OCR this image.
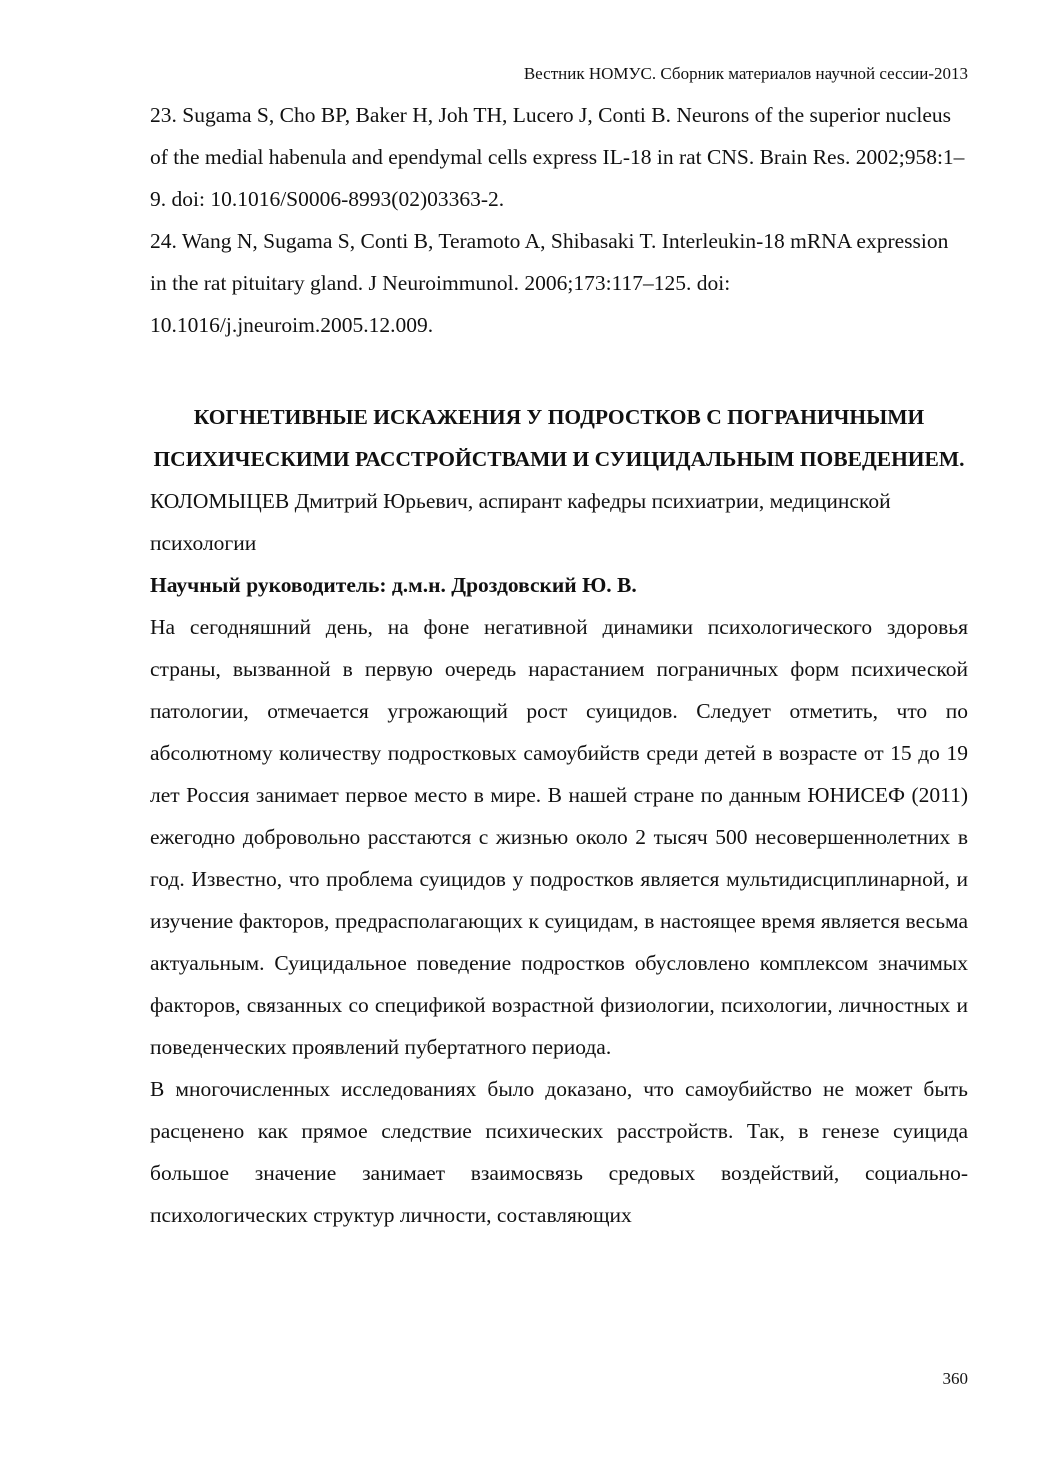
Вестник НОМУС. Сборник материалов научной сессии-2013

23. Sugama S, Cho BP, Baker H, Joh TH, Lucero J, Conti B. Neurons of the superior nucleus of the medial habenula and ependymal cells express IL-18 in rat CNS. Brain Res. 2002;958:1–9. doi: 10.1016/S0006-8993(02)03363-2.

24. Wang N, Sugama S, Conti B, Teramoto A, Shibasaki T. Interleukin-18 mRNA expression in the rat pituitary gland. J Neuroimmunol. 2006;173:117–125. doi: 10.1016/j.jneuroim.2005.12.009.

КОГНЕТИВНЫЕ ИСКАЖЕНИЯ У ПОДРОСТКОВ С ПОГРАНИЧНЫМИ ПСИХИЧЕСКИМИ РАССТРОЙСТВАМИ И СУИЦИДАЛЬНЫМ ПОВЕДЕНИЕМ.

КОЛОМЫЦЕВ Дмитрий Юрьевич, аспирант кафедры психиатрии, медицинской психологии

Научный руководитель: д.м.н. Дроздовский Ю. В.

На сегодняшний день, на фоне негативной динамики психологического здоровья страны, вызванной в первую очередь нарастанием пограничных форм психической патологии, отмечается угрожающий рост суицидов. Следует отметить, что по абсолютному количеству подростковых самоубийств среди детей в возрасте от 15 до 19 лет Россия занимает первое место в мире. В нашей стране по данным ЮНИСЕФ (2011) ежегодно добровольно расстаются с жизнью около 2 тысяч 500 несовершеннолетних в год. Известно, что проблема суицидов у подростков является мультидисциплинарной, и изучение факторов, предрасполагающих к суицидам, в настоящее время является весьма актуальным. Суицидальное поведение подростков обусловлено комплексом значимых факторов, связанных со спецификой возрастной физиологии, психологии, личностных и поведенческих проявлений пубертатного периода.

В многочисленных исследованиях было доказано, что самоубийство не может быть расценено как прямое следствие психических расстройств. Так, в генезе суицида большое значение занимает взаимосвязь средовых воздействий, социально-психологических структур личности, составляющих

360
